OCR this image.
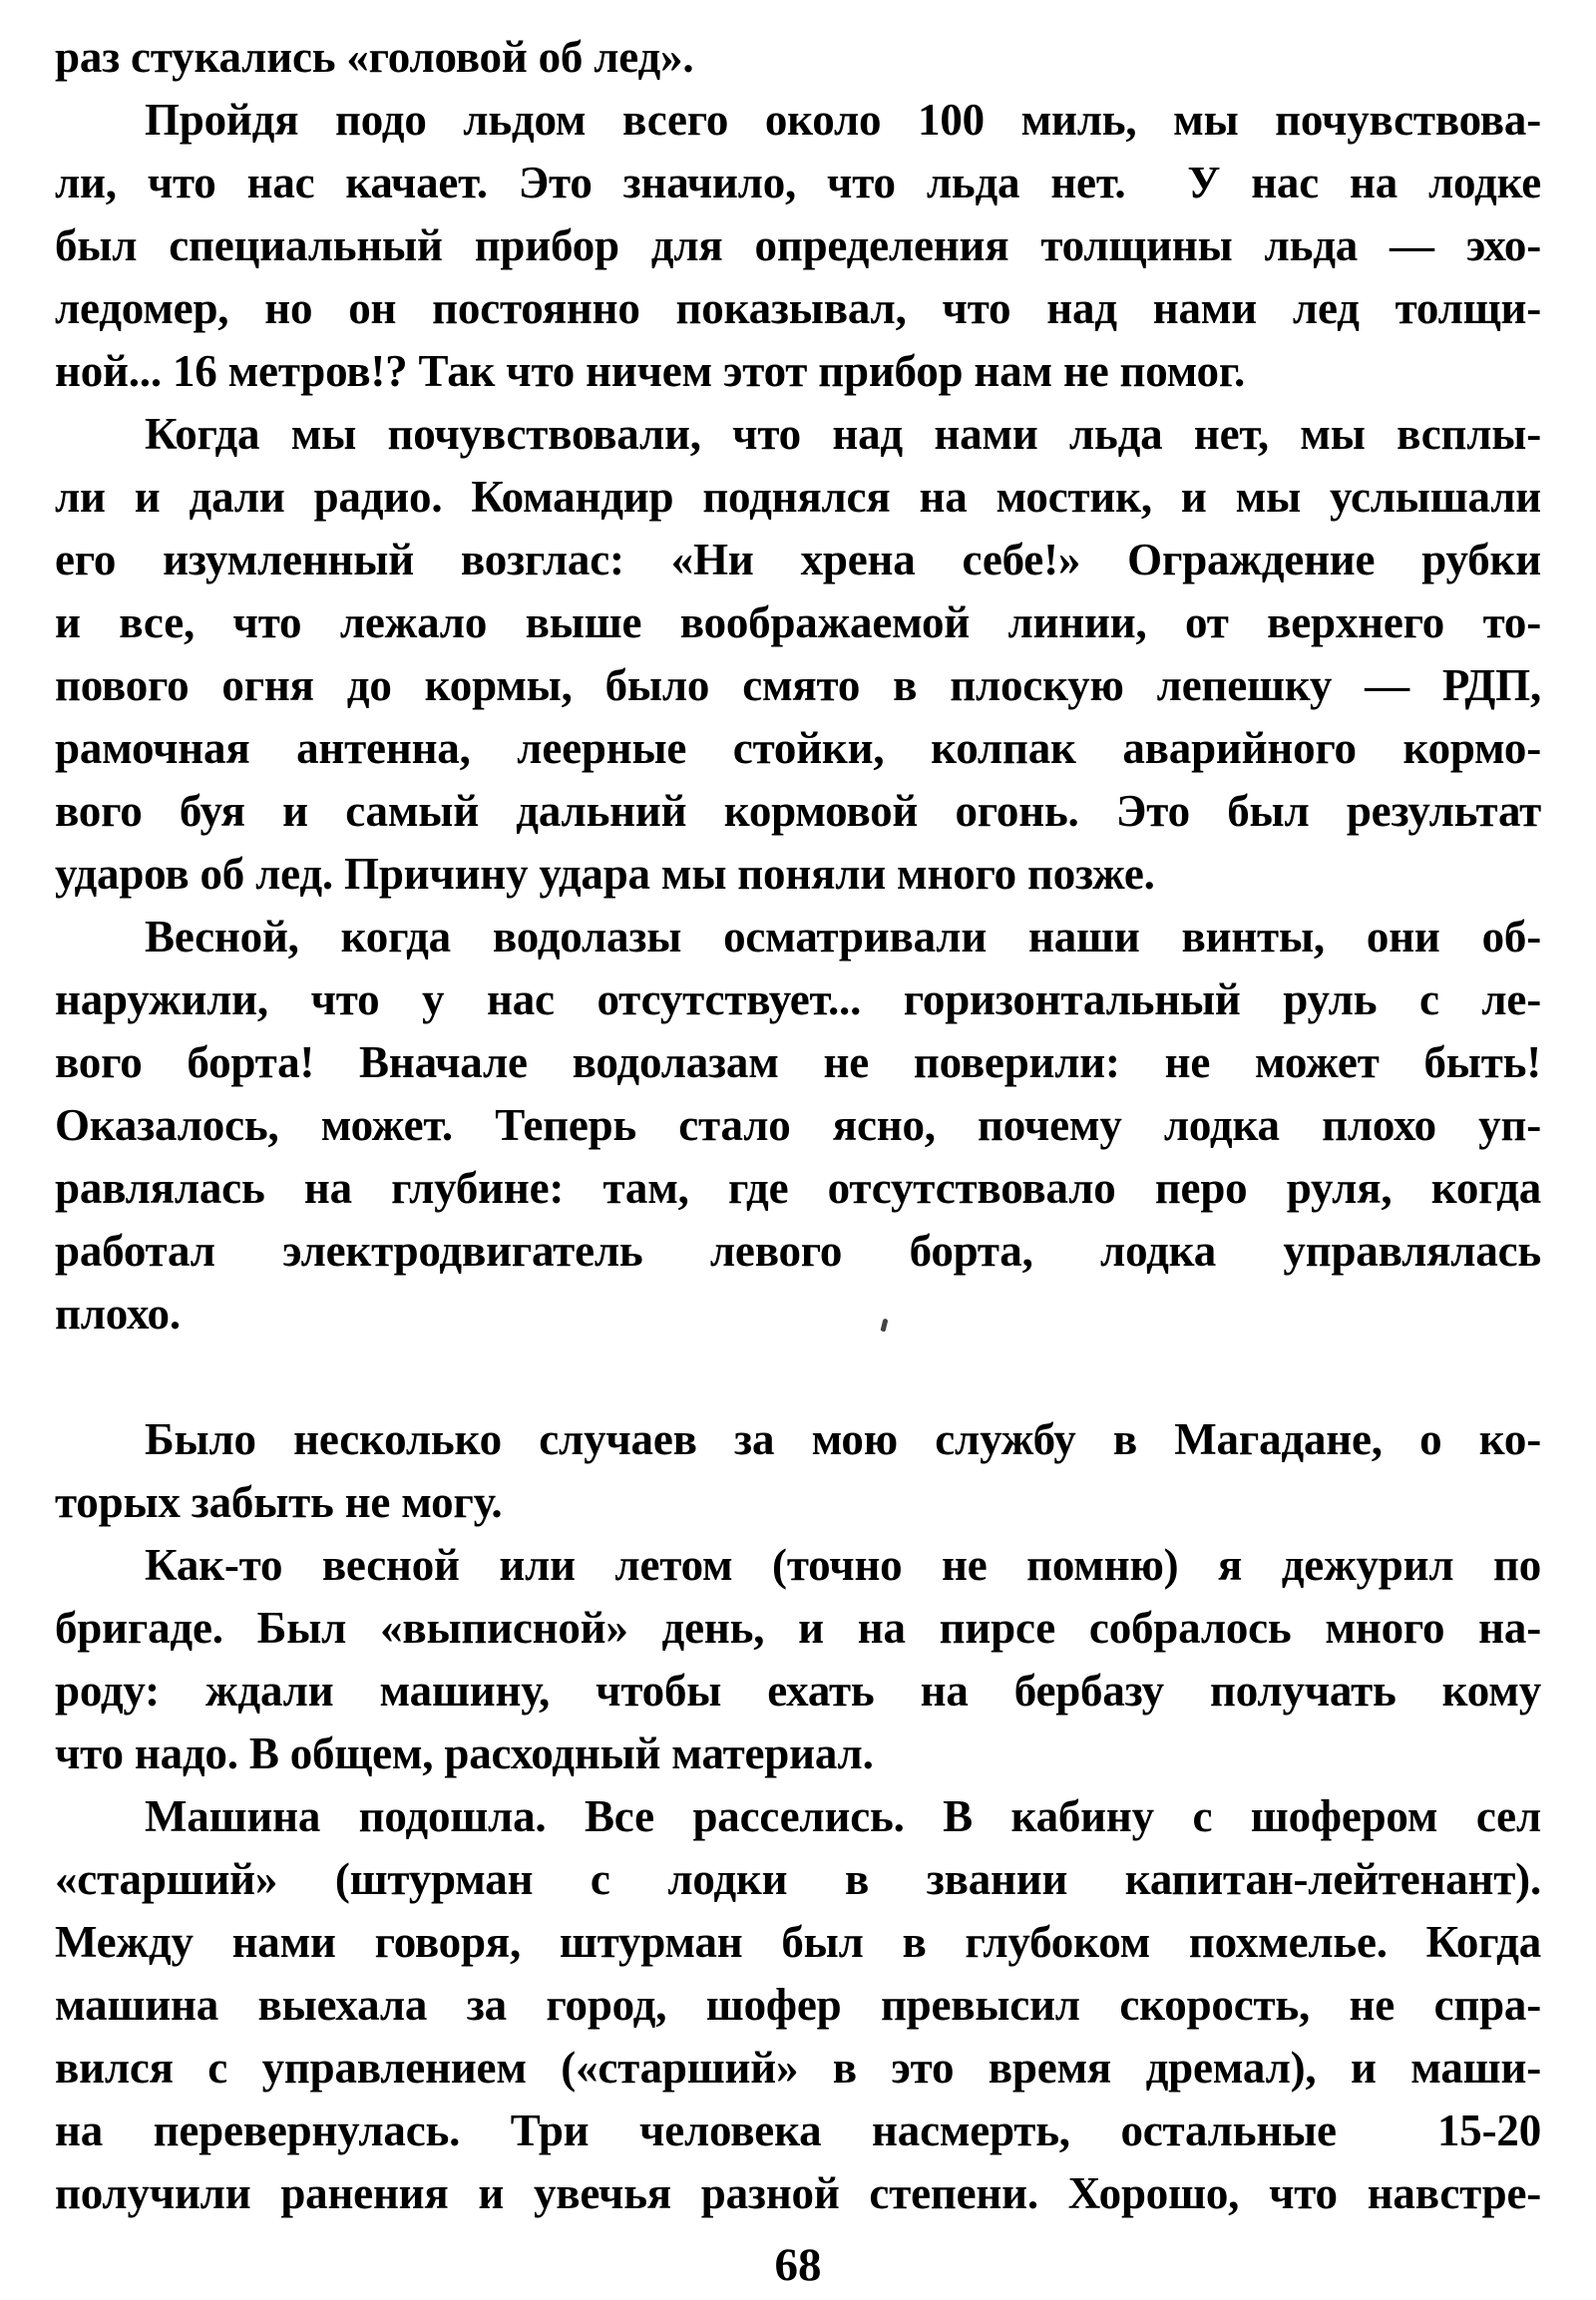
раз стукались «головой об лед».
Пройдя подо льдом всего около 100 миль, мы почувствова-
ли, что нас качает. Это значило, что льда нет.  У нас на лодке
был специальный прибор для определения толщины льда — эхо-
ледомер, но он постоянно показывал, что над нами лед толщи-
ной... 16 метров!? Так что ничем этот прибор нам не помог.
Когда мы почувствовали, что над нами льда нет, мы всплы-
ли и дали радио. Командир поднялся на мостик, и мы услышали
его изумленный возглас: «Ни хрена себе!» Ограждение рубки
и все, что лежало выше воображаемой линии, от верхнего то-
пового огня до кормы, было смято в плоскую лепешку — РДП,
рамочная антенна, леерные стойки, колпак аварийного кормо-
вого буя и самый дальний кормовой огонь. Это был результат
ударов об лед. Причину удара мы поняли много позже.
Весной, когда водолазы осматривали наши винты, они об-
наружили, что у нас отсутствует... горизонтальный руль с ле-
вого борта! Вначале водолазам не поверили: не может быть!
Оказалось, может. Теперь стало ясно, почему лодка плохо уп-
равлялась на глубине: там, где отсутствовало перо руля, когда
работал электродвигатель левого борта, лодка управлялась
плохо.
Было несколько случаев за мою службу в Магадане, о ко-
торых забыть не могу.
Как-то весной или летом (точно не помню) я дежурил по
бригаде. Был «выписной» день, и на пирсе собралось много на-
роду: ждали машину, чтобы ехать на бербазу получать кому
что надо. В общем, расходный материал.
Машина подошла. Все расселись. В кабину с шофером сел
«старший» (штурман с лодки в звании капитан-лейтенант).
Между нами говоря, штурман был в глубоком похмелье. Когда
машина выехала за город, шофер превысил скорость, не спра-
вился с управлением («старший» в это время дремал), и маши-
на перевернулась. Три человека насмерть, остальные  15-20
получили ранения и увечья разной степени. Хорошо, что навстре-
68
